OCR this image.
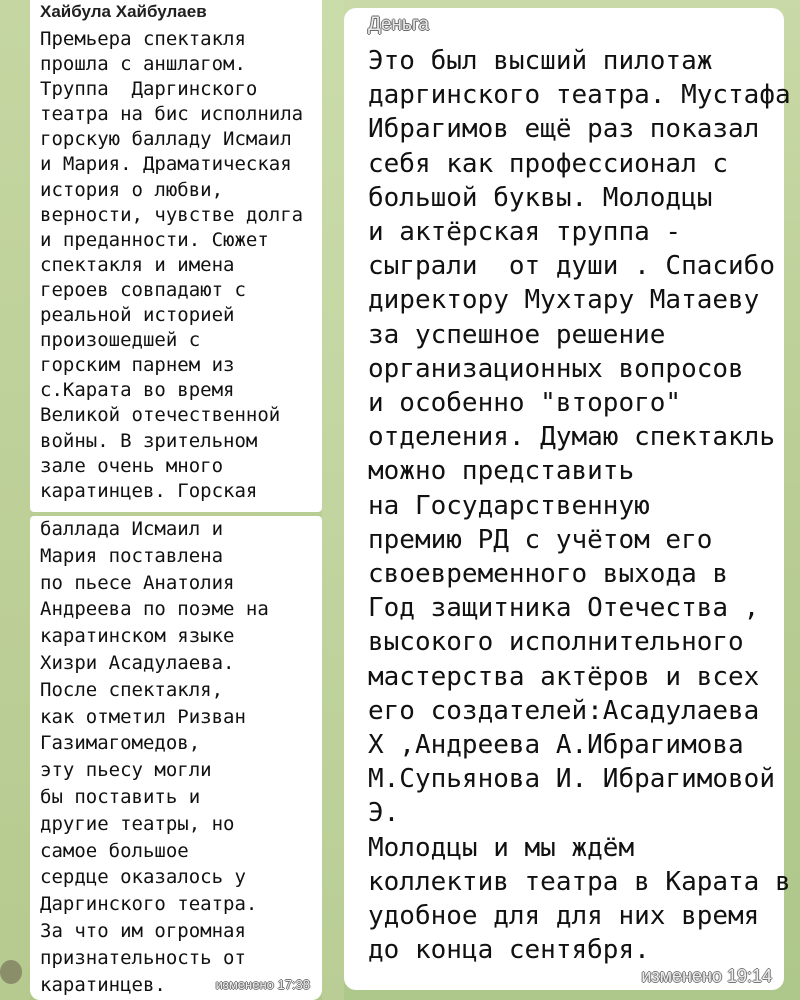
Хайбула Хайбулаев
Премьера спектакля
прошла с аншлагом.
Труппа  Даргинского
театра на бис исполнила
горскую балладу Исмаил
и Мария. Драматическая
история о любви,
верности, чувстве долга
и преданности. Сюжет
спектакля и имена
героев совпадают с
реальной историей
произошедшей с
горским парнем из
с.Карата во время
Великой отечественной
войны. В зрительном
зале очень много
каратинцев. Горская
баллада Исмаил и
Мария поставлена
по пьесе Анатолия
Андреева по поэме на
каратинском языке
Хизри Асадулаева.
После спектакля,
как отметил Ризван
Газимагомедов,
эту пьесу могли
бы поставить и
другие театры, но
самое большое
сердце оказалось у
Даргинского театра.
За что им огромная
признательность от
каратинцев.	изменено 17:38
Деньга
Это был высший пилотаж
даргинского театра. Мустафа
Ибрагимов ещё раз показал
себя как профессионал с
большой буквы. Молодцы
и актёрская труппа -
сыграли  от души . Спасибо
директору Мухтару Матаеву
за успешное решение
организационных вопросов
и особенно "второго"
отделения. Думаю спектакль
можно представить
на Государственную
премию РД с учётом его
своевременного выхода в
Год защитника Отечества ,
высокого исполнительного
мастерства актёров и всех
его создателей:Асадулаева
Х ,Андреева А.Ибрагимова
М.Супьянова И. Ибрагимовой
Э.
Молодцы и мы ждём
коллектив театра в Карата в
удобное для для них время
до конца сентября.
изменено 19:14
